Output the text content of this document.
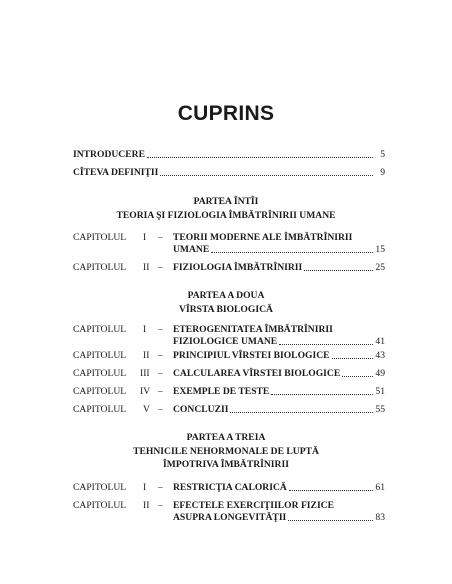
CUPRINS
INTRODUCERE	5
CÎTEVA DEFINIŢII	9
PARTEA ÎNTÎI
TEORIA ŞI FIZIOLOGIA ÎMBĂTRÎNIRII UMANE
CAPITOLUL I – TEORII MODERNE ALE ÎMBĂTRÎNIRII
UMANE	15
CAPITOLUL II – FIZIOLOGIA ÎMBĂTRÎNIRII	25
PARTEA A DOUA
VÎRSTA BIOLOGICĂ
CAPITOLUL I – ETEROGENITATEA ÎMBĂTRÎNIRII
FIZIOLOGICE UMANE	41
CAPITOLUL II – PRINCIPIUL VÎRSTEI BIOLOGICE	43
CAPITOLUL III – CALCULAREA VÎRSTEI BIOLOGICE	49
CAPITOLUL IV – EXEMPLE DE TESTE	51
CAPITOLUL V – CONCLUZII	55
PARTEA A TREIA
TEHNICILE NEHORMONALE DE LUPTĂ
ÎMPOTRIVA ÎMBĂTRÎNIRII
CAPITOLUL I – RESTRICŢIA CALORICĂ	61
CAPITOLUL II – EFECTELE EXERCIŢIILOR FIZICE
ASUPRA LONGEVITĂŢII	83
